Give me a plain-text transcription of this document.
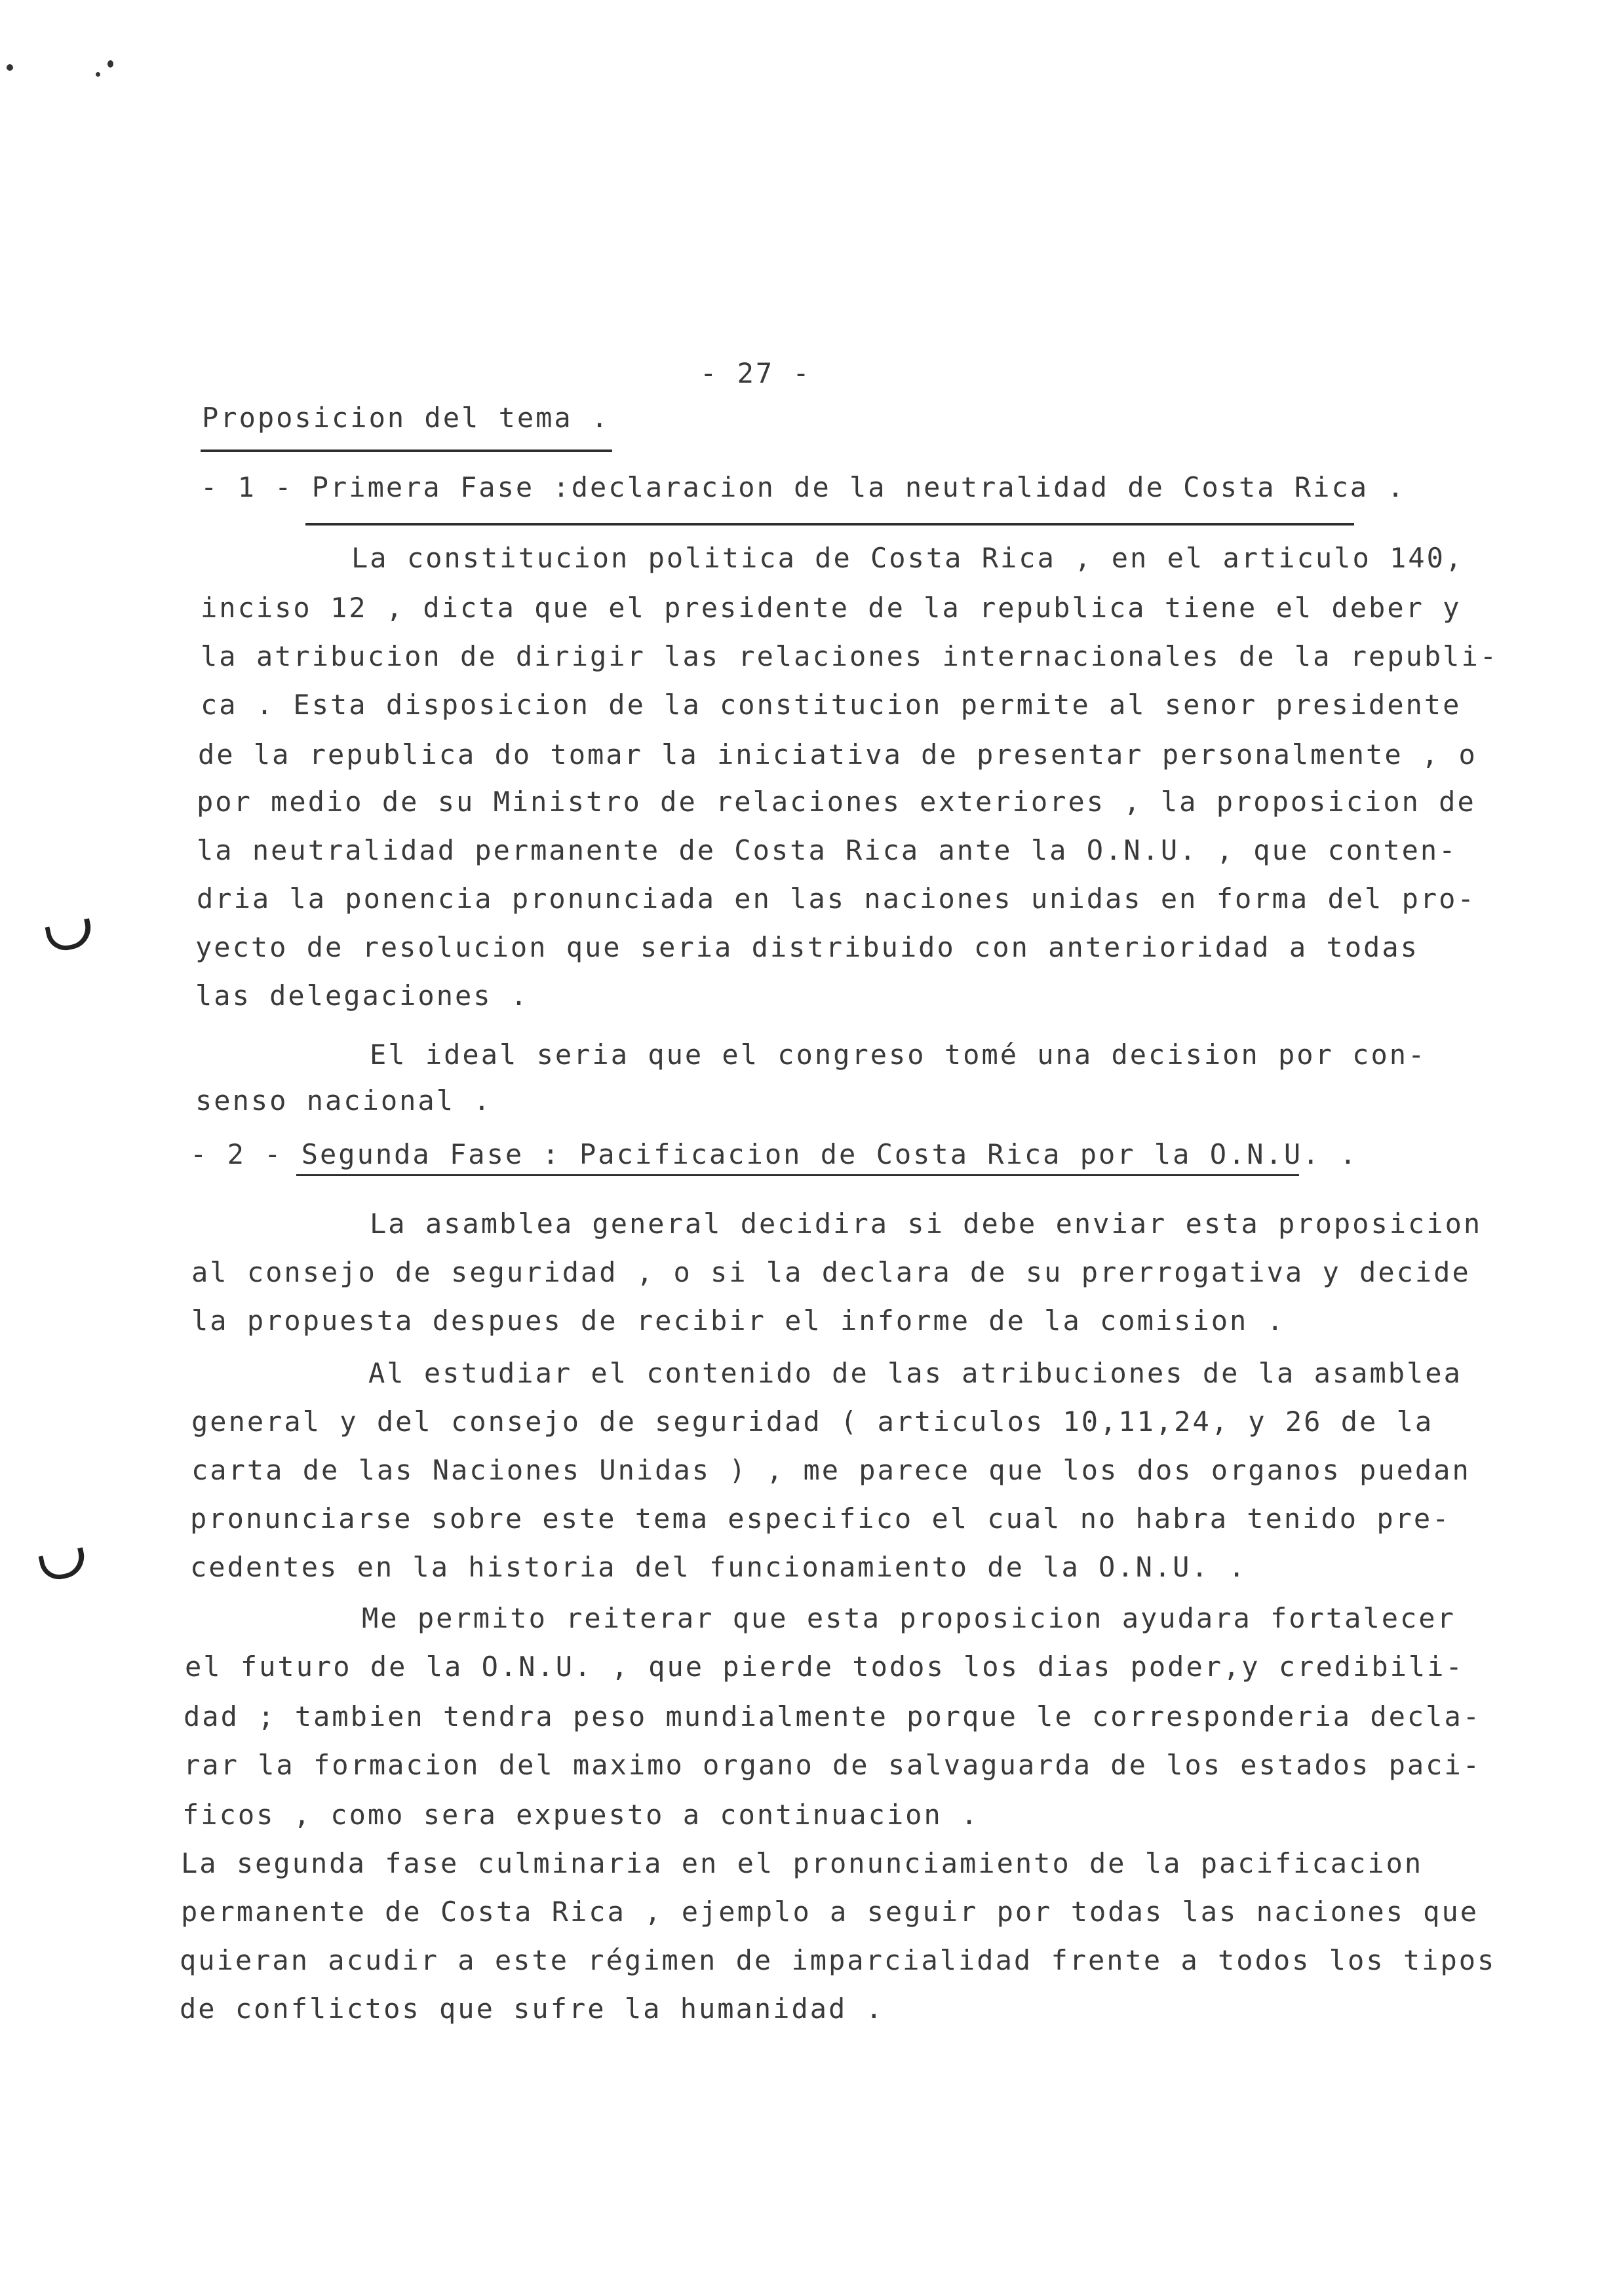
- 27 -
Proposicion del tema .
- 1 - Primera Fase :declaracion de la neutralidad de Costa Rica .
La constitucion politica de Costa Rica , en el articulo 140,
inciso 12 , dicta que el presidente de la republica tiene el deber y
la atribucion de dirigir las relaciones internacionales de la republi-
ca . Esta disposicion de la constitucion permite al senor presidente
de la republica do tomar la iniciativa de presentar personalmente , o
por medio de su Ministro de relaciones exteriores , la proposicion de
la neutralidad permanente de Costa Rica ante la O.N.U. , que conten-
dria la ponencia pronunciada en las naciones unidas en forma del pro-
yecto de resolucion que seria distribuido con anterioridad a todas
las delegaciones .
El ideal seria que el congreso tomé una decision por con-
senso nacional .
- 2 - Segunda Fase : Pacificacion de Costa Rica por la O.N.U. .
La asamblea general decidira si debe enviar esta proposicion
al consejo de seguridad , o si la declara de su prerrogativa y decide
la propuesta despues de recibir el informe de la comision .
Al estudiar el contenido de las atribuciones de la asamblea
general y del consejo de seguridad ( articulos 10,11,24, y 26 de la
carta de las Naciones Unidas ) , me parece que los dos organos puedan
pronunciarse sobre este tema especifico el cual no habra tenido pre-
cedentes en la historia del funcionamiento de la O.N.U. .
Me permito reiterar que esta proposicion ayudara fortalecer
el futuro de la O.N.U. , que pierde todos los dias poder,y credibili-
dad ; tambien tendra peso mundialmente porque le corresponderia decla-
rar la formacion del maximo organo de salvaguarda de los estados paci-
ficos , como sera expuesto a continuacion .
La segunda fase culminaria en el pronunciamiento de la pacificacion
permanente de Costa Rica , ejemplo a seguir por todas las naciones que
quieran acudir a este régimen de imparcialidad frente a todos los tipos
de conflictos que sufre la humanidad .
